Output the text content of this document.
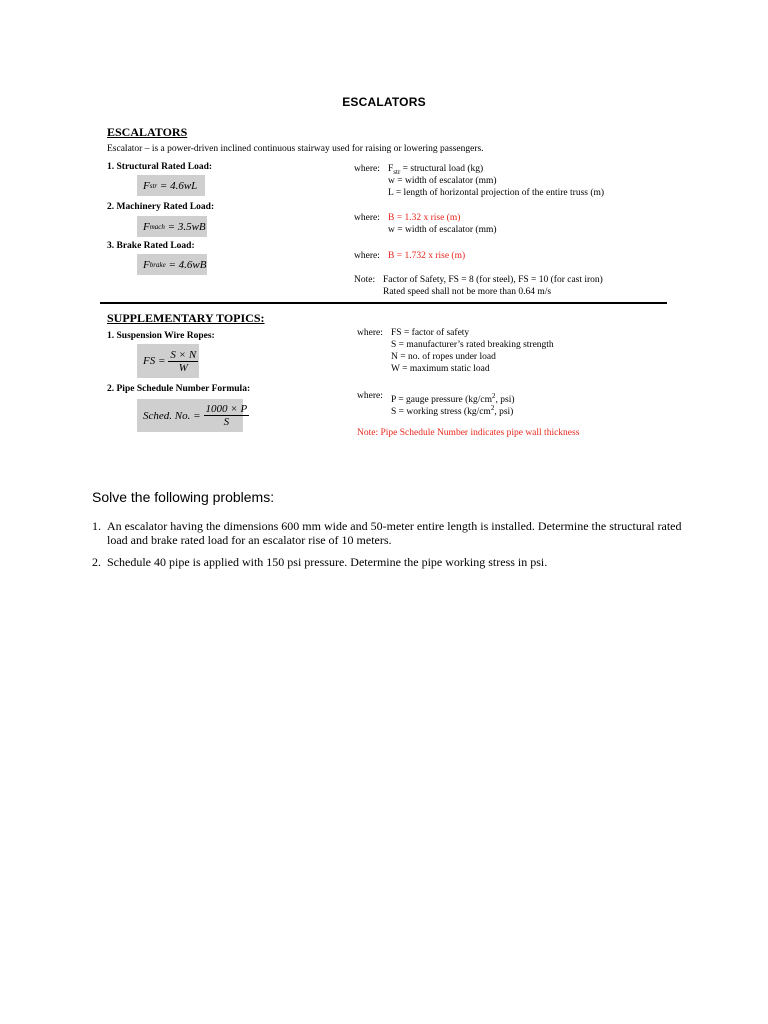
ESCALATORS
ESCALATORS
Escalator – is a power-driven inclined continuous stairway used for raising or lowering passengers.
1. Structural Rated Load:
F str
= 4.6wL
2. Machinery Rated Load:
F mach
= 3.5wB
3. Brake Rated Load:
F brake
= 4.6wB
where: $F_{str}$ = structural load (kg)
w = width of escalator (mm)
L = length of horizontal projection of the entire truss (m)
where: B = 1.32 x rise (m)
w = width of escalator (mm)
where: B = 1.732 x rise (m)
Note: Factor of Safety, FS = 8 (for steel), FS = 10 (for cast iron)
Rated speed shall not be more than 0.64 m/s
SUPPLEMENTARY TOPICS:
1. Suspension Wire Ropes:
FS = $\frac{S \times N}{W}$
2. Pipe Schedule Number Formula:
Sched. No. = $\frac{1000 \times P}{S}$
where: FS = factor of safety
S = manufacturer’s rated breaking strength
N = no. of ropes under load
W = maximum static load
where: P = gauge pressure ($kg/cm^2$, psi)
S = working stress ($kg/cm^2$, psi)
Note: Pipe Schedule Number indicates pipe wall thickness
Solve the following problems:
1. An escalator having the dimensions 600 mm wide and 50-meter entire length is installed. Determine the structural rated load and brake rated load for an escalator rise of 10 meters.
2. Schedule 40 pipe is applied with 150 psi pressure. Determine the pipe working stress in psi.
